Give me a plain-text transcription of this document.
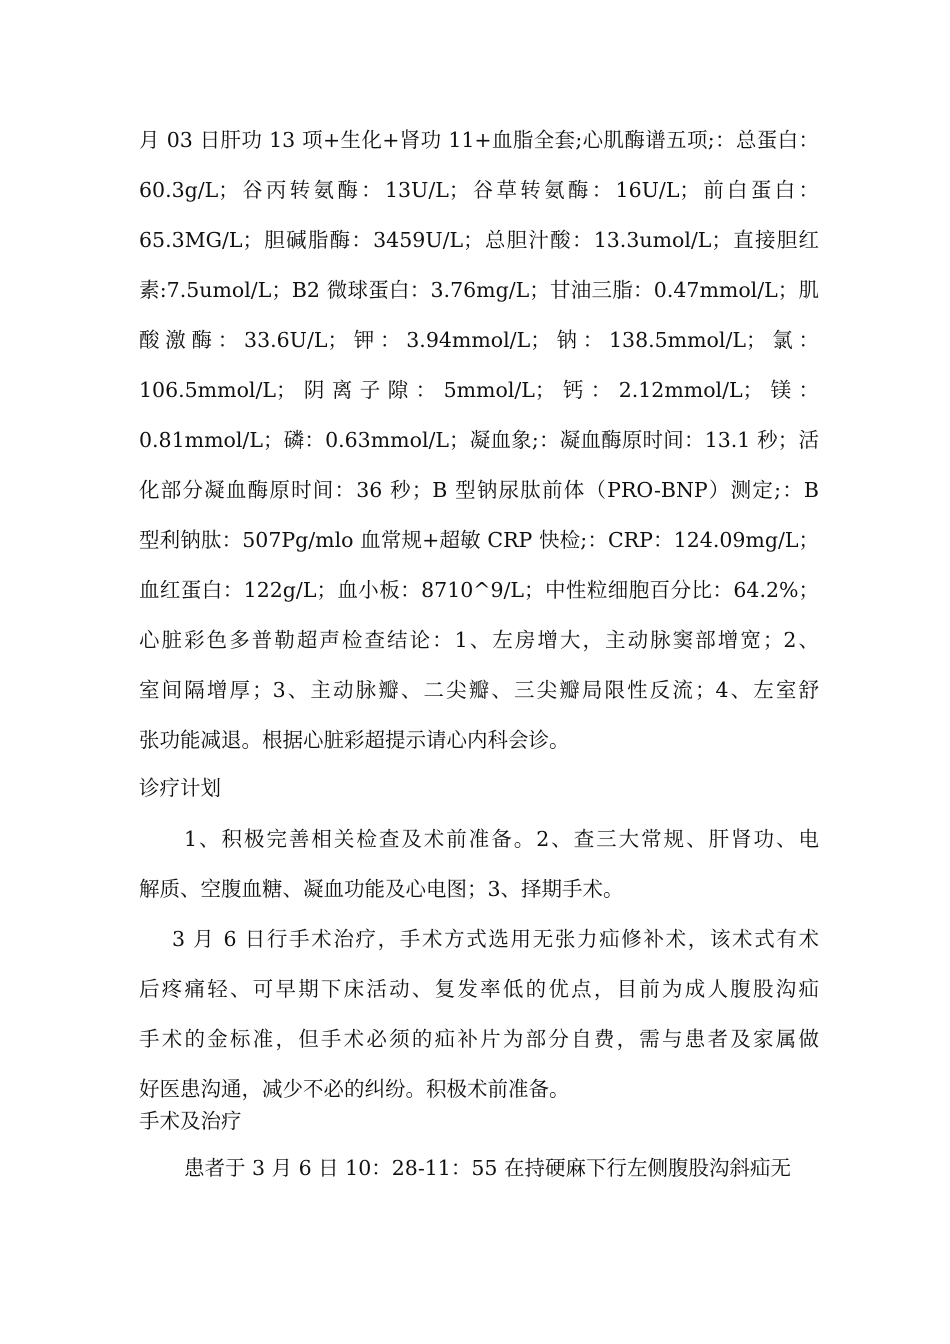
月 03 日肝功 13 项+生化+肾功 11+血脂全套;心肌酶谱五项;：总蛋白：
60.3g/L；谷丙转氨酶：13U/L；谷草转氨酶：16U/L；前白蛋白：
65.3MG/L；胆碱脂酶：3459U/L；总胆汁酸：13.3umol/L；直接胆红
素:7.5umol/L；B2 微球蛋白：3.76mg/L；甘油三脂：0.47mmol/L；肌
酸激酶：33.6U/L；钾：3.94mmol/L；钠：138.5mmol/L；氯：
106.5mmol/L；阴离子隙：5mmol/L；钙：2.12mmol/L；镁：
0.81mmol/L；磷：0.63mmol/L；凝血象;：凝血酶原时间：13.1 秒；活
化部分凝血酶原时间：36 秒；B 型钠尿肽前体（PRO-BNP）测定;：B
型利钠肽：507Pg/mlo 血常规+超敏 CRP 快检;：CRP：124.09mg/L；
血红蛋白：122g/L；血小板：8710^9/L；中性粒细胞百分比：64.2%；
心脏彩色多普勒超声检查结论：1、左房增大，主动脉窦部增宽；2、
室间隔增厚；3、主动脉瓣、二尖瓣、三尖瓣局限性反流；4、左室舒
张功能减退。根据心脏彩超提示请心内科会诊。
诊疗计划
1、积极完善相关检查及术前准备。2、查三大常规、肝肾功、电
解质、空腹血糖、凝血功能及心电图；3、择期手术。
3 月 6 日行手术治疗，手术方式选用无张力疝修补术，该术式有术
后疼痛轻、可早期下床活动、复发率低的优点，目前为成人腹股沟疝
手术的金标准，但手术必须的疝补片为部分自费，需与患者及家属做
好医患沟通，减少不必的纠纷。积极术前准备。
手术及治疗
患者于 3 月 6 日 10：28-11：55 在持硬麻下行左侧腹股沟斜疝无
